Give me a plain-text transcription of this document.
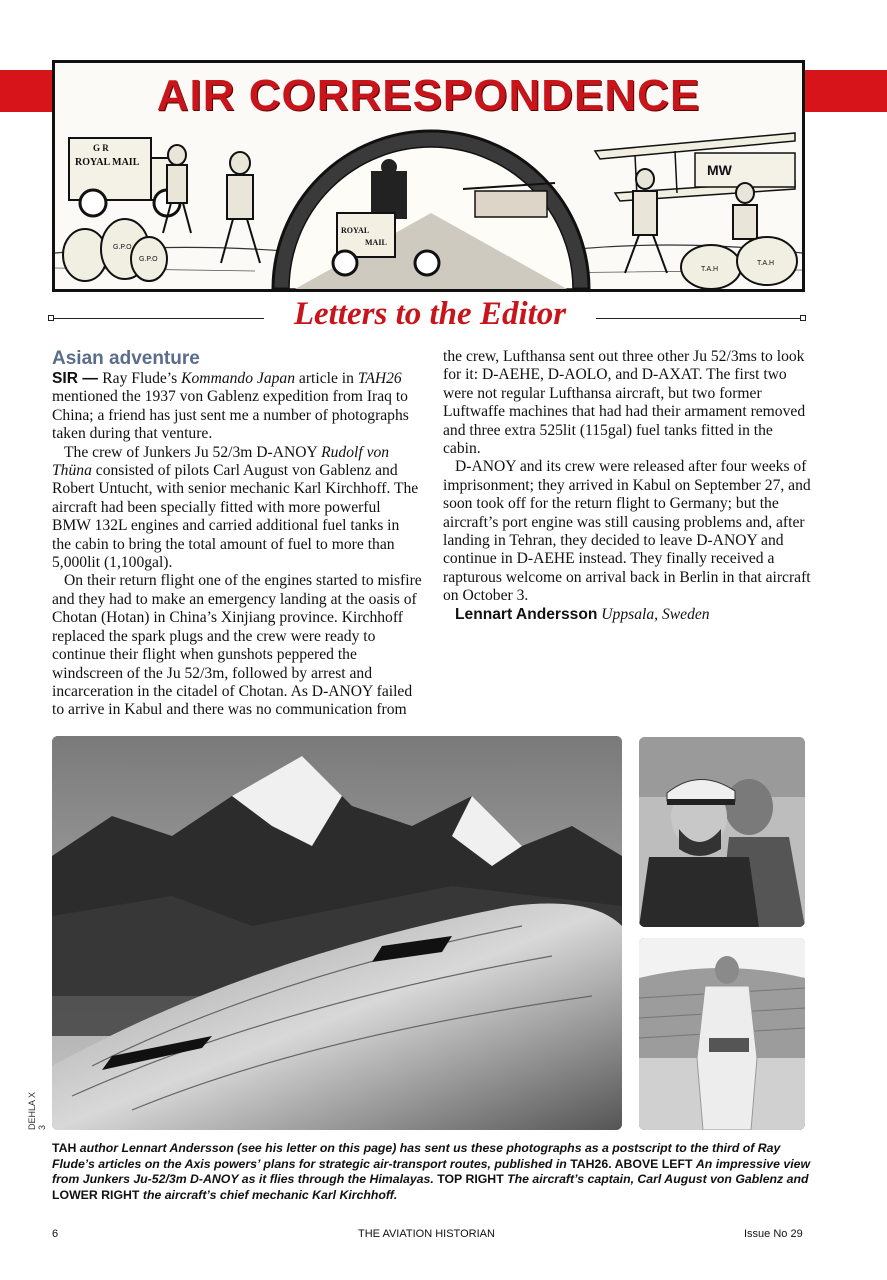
G R
ROYAL MAIL
G.P.O
G.P.O
ROYAL
MAIL
MW
T.A.H
T.A.H
AIR CORRESPONDENCE
Letters to the Editor
Asian adventure

SIR — Ray Flude’s Kommando Japan article in TAH26 mentioned the 1937 von Gablenz expedition from Iraq to China; a friend has just sent me a number of photographs taken during that venture.

The crew of Junkers Ju 52/3m D-ANOY Rudolf von Thüna consisted of pilots Carl August von Gablenz and Robert Untucht, with senior mechanic Karl Kirchhoff. The aircraft had been specially fitted with more powerful BMW 132L engines and carried additional fuel tanks in the cabin to bring the total amount of fuel to more than 5,000lit (1,100gal).

On their return flight one of the engines started to misfire and they had to make an emergency landing at the oasis of Chotan (Hotan) in China’s Xinjiang province. Kirchhoff replaced the spark plugs and the crew were ready to continue their flight when gunshots peppered the windscreen of the Ju 52/3m, followed by arrest and incarceration in the citadel of Chotan. As D-ANOY failed to arrive in Kabul and there was no communication from

the crew, Lufthansa sent out three other Ju 52/3ms to look for it: D-AEHE, D-AOLO, and D-AXAT. The first two were not regular Lufthansa aircraft, but two former Luftwaffe machines that had had their armament removed and three extra 525lit (115gal) fuel tanks fitted in the cabin.

D-ANOY and its crew were released after four weeks of imprisonment; they arrived in Kabul on September 27, and soon took off for the return flight to Germany; but the aircraft’s port engine was still causing problems and, after landing in Tehran, they decided to leave D-ANOY and continue in D-AEHE instead. They finally received a rapturous welcome on arrival back in Berlin in that aircraft on October 3.

Lennart Andersson Uppsala, Sweden

DEHLA X 3
TAH author Lennart Andersson (see his letter on this page) has sent us these photographs as a postscript to the third of Ray Flude’s articles on the Axis powers’ plans for strategic air-transport routes, published in TAH26. ABOVE LEFT An impressive view from Junkers Ju-52/3m D-ANOY as it flies through the Himalayas. TOP RIGHT The aircraft’s captain, Carl August von Gablenz and LOWER RIGHT the aircraft’s chief mechanic Karl Kirchhoff.
6	THE AVIATION HISTORIAN	Issue No 29
